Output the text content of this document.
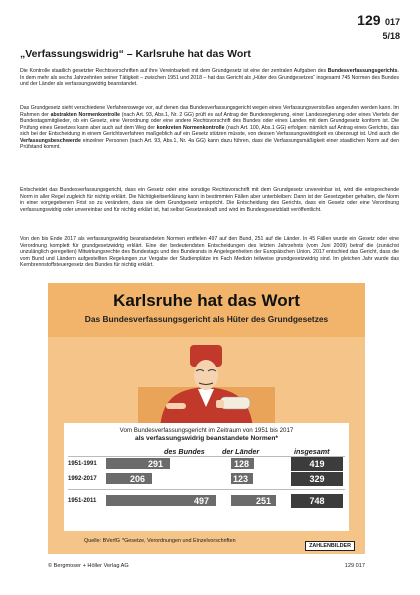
129 017
5/18
„Verfassungswidrig“ – Karlsruhe hat das Wort

Die Kontrolle staatlich gesetzter Rechtsvorschriften auf ihre Vereinbarkeit mit dem Grundgesetz ist eine der zentralen Aufgaben des Bundesverfassungsgerichts. In dem mehr als sechs Jahrzehnten seiner Tätigkeit – zwischen 1951 und 2018 – hat das Gericht als „Hüter des Grundgesetzes“ insgesamt 745 Normen des Bundes und der Länder als verfassungswidrig beanstandet.

Das Grundgesetz sieht verschiedene Verfahrenswege vor, auf denen das Bundesverfassungsgericht wegen eines Verfassungsverstoßes angerufen werden kann. Im Rahmen der abstrakten Normenkontrolle (nach Art. 93, Abs.1, Nr. 2 GG) prüft es auf Antrag der Bundesregierung, einer Landesregierung oder eines Viertels der Bundestagsmitglieder, ob ein Gesetz, eine Verordnung oder eine andere Rechtsvorschrift des Bundes oder eines Landes mit dem Grundgesetz konform ist. Die Prüfung eines Gesetzes kann aber auch auf dem Weg der konkreten Normenkontrolle (nach Art. 100, Abs.1 GG) erfolgen: nämlich auf Antrag eines Gerichts, das sich bei der Entscheidung in einem Gerichtsverfahren maßgeblich auf ein Gesetz stützen müsste, von dessen Verfassungswidrigkeit es überzeugt ist. Und auch die Verfassungsbeschwerde einzelner Personen (nach Art. 93, Abs.1, Nr. 4a GG) kann dazu führen, dass die Verfassungsmäßigkeit einer staatlichen Norm auf den Prüfstand kommt.

Entscheidet das Bundesverfassungsgericht, dass ein Gesetz oder eine sonstige Rechtsvorschrift mit dem Grundgesetz unvereinbar ist, wird die entsprechende Norm in aller Regel zugleich für nichtig erklärt. Die Nichtigkeitserklärung kann in bestimmten Fällen aber unterbleiben: Dann ist der Gesetzgeber gehalten, die Norm in einer vorgegebenen Frist so zu verändern, dass sie dem Grundgesetz entspricht. Die Entscheidung des Gerichts, dass ein Gesetz oder eine Verordnung verfassungswidrig oder unvereinbar und für nichtig erklärt ist, hat selbst Gesetzeskraft und wird im Bundesgesetzblatt veröffentlicht.

Von den bis Ende 2017 als verfassungswidrig beanstandeten Normen entfielen 497 auf den Bund, 251 auf die Länder. In 45 Fällen wurde ein Gesetz oder eine Verordnung komplett für grundgesetzwidrig erklärt. Eine der bedeutendsten Entscheidungen des letzten Jahrzehnts (vom Juni 2009) betraf die (zunächst unzulänglich geregelten) Mitwirkungsrechte des Bundestags und des Bundesrats in Angelegenheiten der Europäischen Union. 2017 entschied das Gericht, dass die vom Bund und Ländern aufgestellten Regelungen zur Vergabe der Studienplätze im Fach Medizin teilweise grundgesetzwidrig sind. Im gleichen Jahr wurde das Kernbrennstoffsteuergesetz des Bundes für nichtig erklärt.

Karlsruhe hat das Wort
Das Bundesverfassungsgericht als Hüter des Grundgesetzes
Vom Bundesverfassungsgericht im Zeitraum von 1951 bis 2017
als verfassungswidrig beanstandete Normen*
des Bundes der Länder	insgesamt
1951-1991
1992-2017
1951-2011
291
206
497
128
123
251
419
329
748
Quelle: BVerfG *Gesetze, Verordnungen und Einzelvorschriften
ZAHLENBILDER
© Bergmoser + Höller Verlag AG	129 017
